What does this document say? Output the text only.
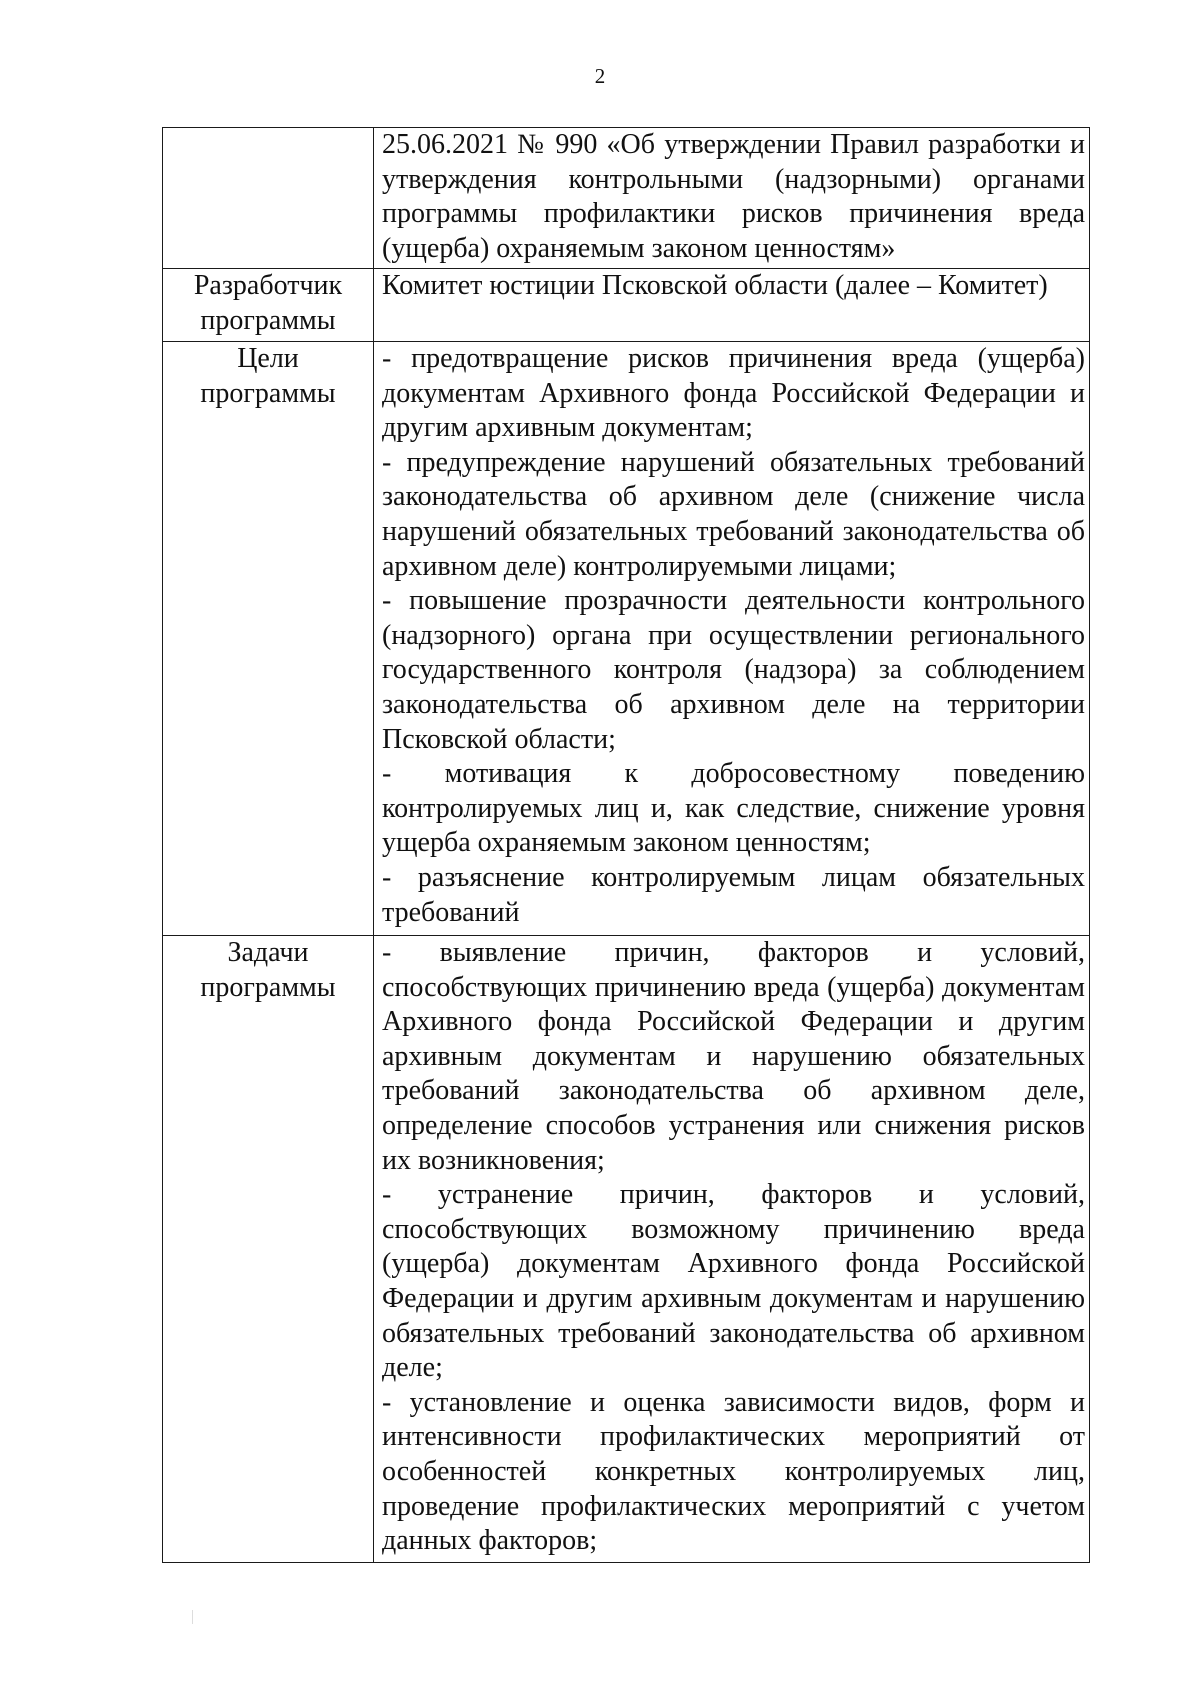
2

	25.06.2021 № 990 «Об утверждении Правил разработки и утверждения контрольными (надзорными) органами программы профилактики рисков причинения вреда (ущерба) охраняемым законом ценностям»

Разработчик программы	Комитет юстиции Псковской области (далее – Комитет)

Цели программы	- предотвращение рисков причинения вреда (ущерба) документам Архивного фонда Российской Федерации и другим архивным документам;
- предупреждение нарушений обязательных требований законодательства об архивном деле (снижение числа нарушений обязательных требований законодательства об архивном деле) контролируемыми лицами;
- повышение прозрачности деятельности контрольного (надзорного) органа при осуществлении регионального государственного контроля (надзора) за соблюдением законодательства об архивном деле на территории Псковской области;
- мотивация к добросовестному поведению контролируемых лиц и, как следствие, снижение уровня ущерба охраняемым законом ценностям;
- разъяснение контролируемым лицам обязательных требований

Задачи программы	- выявление причин, факторов и условий, способствующих причинению вреда (ущерба) документам Архивного фонда Российской Федерации и другим архивным документам и нарушению обязательных требований законодательства об архивном деле, определение способов устранения или снижения рисков их возникновения;
- устранение причин, факторов и условий, способствующих возможному причинению вреда (ущерба) документам Архивного фонда Российской Федерации и другим архивным документам и нарушению обязательных требований законодательства об архивном деле;
- установление и оценка зависимости видов, форм и интенсивности профилактических мероприятий от особенностей конкретных контролируемых лиц, проведение профилактических мероприятий с учетом данных факторов;
